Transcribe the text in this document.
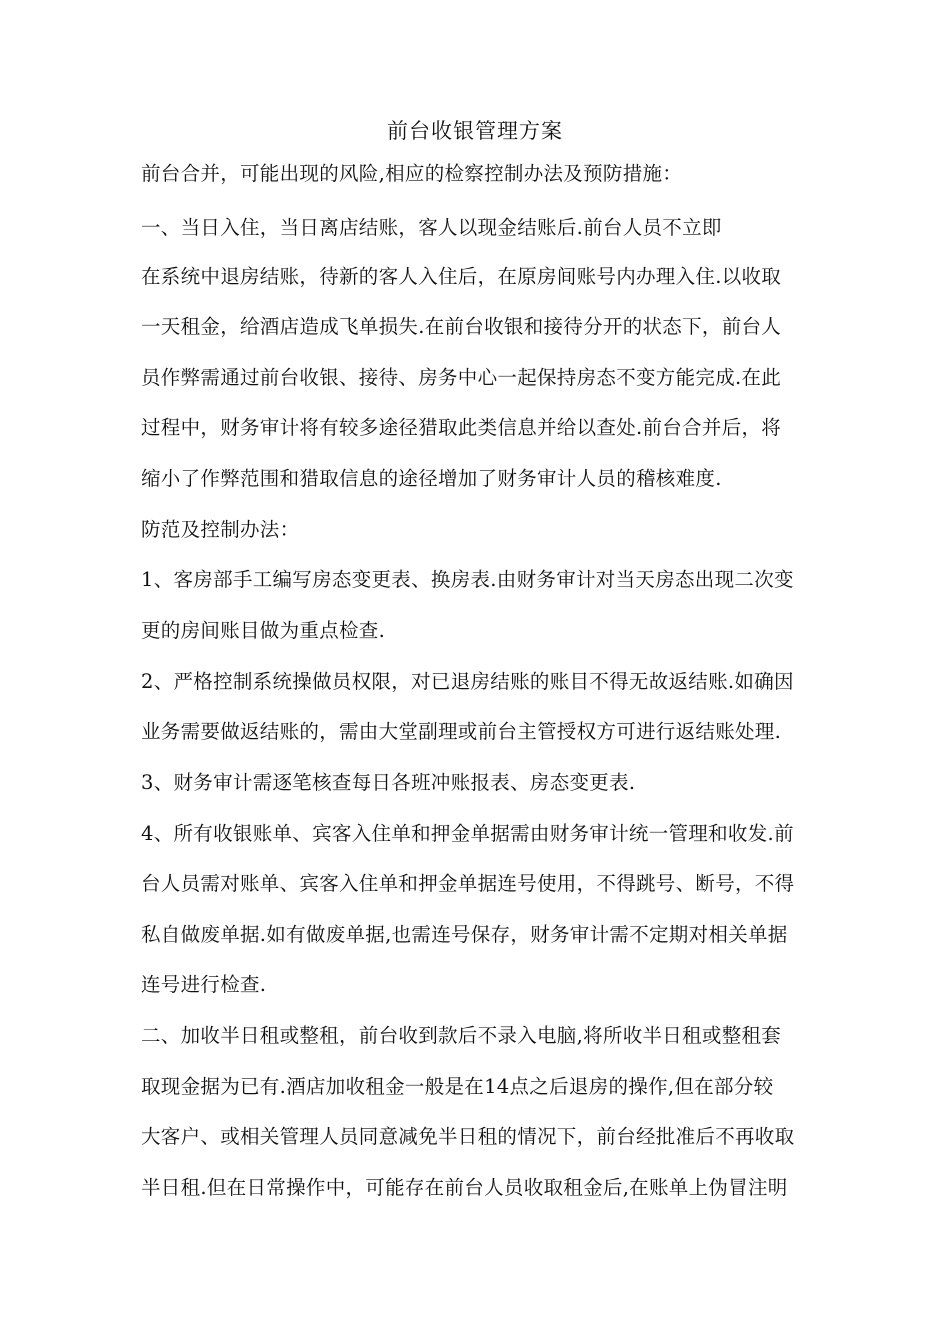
前台收银管理方案
前台合并，可能出现的风险,相应的检察控制办法及预防措施：
一、当日入住，当日离店结账，客人以现金结账后.前台人员不立即
在系统中退房结账，待新的客人入住后，在原房间账号内办理入住.以收取
一天租金，给酒店造成飞单损失.在前台收银和接待分开的状态下，前台人
员作弊需通过前台收银、接待、房务中心一起保持房态不变方能完成.在此
过程中，财务审计将有较多途径猎取此类信息并给以查处.前台合并后，将
缩小了作弊范围和猎取信息的途径增加了财务审计人员的稽核难度.
防范及控制办法：
1、客房部手工编写房态变更表、换房表.由财务审计对当天房态出现二次变
更的房间账目做为重点检查.
2、严格控制系统操做员权限，对已退房结账的账目不得无故返结账.如确因
业务需要做返结账的，需由大堂副理或前台主管授权方可进行返结账处理.
3、财务审计需逐笔核查每日各班冲账报表、房态变更表.
4、所有收银账单、宾客入住单和押金单据需由财务审计统一管理和收发.前
台人员需对账单、宾客入住单和押金单据连号使用，不得跳号、断号，不得
私自做废单据.如有做废单据,也需连号保存，财务审计需不定期对相关单据
连号进行检查.
二、加收半日租或整租，前台收到款后不录入电脑,将所收半日租或整租套
取现金据为已有.酒店加收租金一般是在14点之后退房的操作,但在部分较
大客户、或相关管理人员同意减免半日租的情况下，前台经批准后不再收取
半日租.但在日常操作中，可能存在前台人员收取租金后,在账单上伪冒注明
